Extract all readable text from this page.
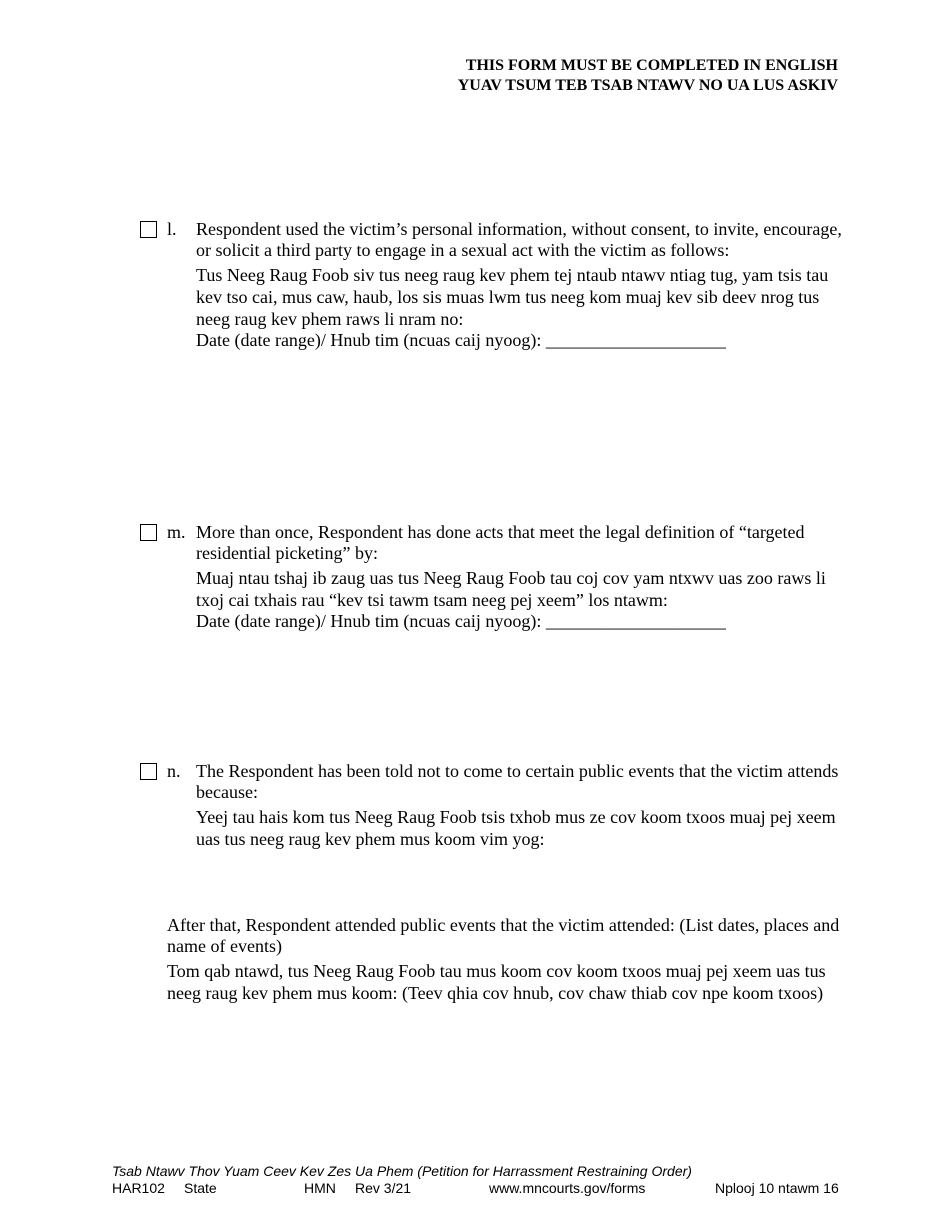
THIS FORM MUST BE COMPLETED IN ENGLISH
YUAV TSUM TEB TSAB NTAWV NO UA LUS ASKIV
l. Respondent used the victim’s personal information, without consent, to invite, encourage, or solicit a third party to engage in a sexual act with the victim as follows:

Tus Neeg Raug Foob siv tus neeg raug kev phem tej ntaub ntawv ntiag tug, yam tsis tau kev tso cai, mus caw, haub, los sis muas lwm tus neeg kom muaj kev sib deev nrog tus neeg raug kev phem raws li nram no:

Date (date range)/ Hnub tim (ncuas caij nyoog): ____________________

m. More than once, Respondent has done acts that meet the legal definition of “targeted residential picketing” by:

Muaj ntau tshaj ib zaug uas tus Neeg Raug Foob tau coj cov yam ntxwv uas zoo raws li txoj cai txhais rau “kev tsi tawm tsam neeg pej xeem” los ntawm:

Date (date range)/ Hnub tim (ncuas caij nyoog): ____________________

n. The Respondent has been told not to come to certain public events that the victim attends because:

Yeej tau hais kom tus Neeg Raug Foob tsis txhob mus ze cov koom txoos muaj pej xeem uas tus neeg raug kev phem mus koom vim yog:

After that, Respondent attended public events that the victim attended: (List dates, places and name of events)

Tom qab ntawd, tus Neeg Raug Foob tau mus koom cov koom txoos muaj pej xeem uas tus neeg raug kev phem mus koom: (Teev qhia cov hnub, cov chaw thiab cov npe koom txoos)

Tsab Ntawv Thov Yuam Ceev Kev Zes Ua Phem (Petition for Harrassment Restraining Order)
HAR102 State	HMN Rev 3/21	www.mncourts.gov/forms	Nplooj 10 ntawm 16
